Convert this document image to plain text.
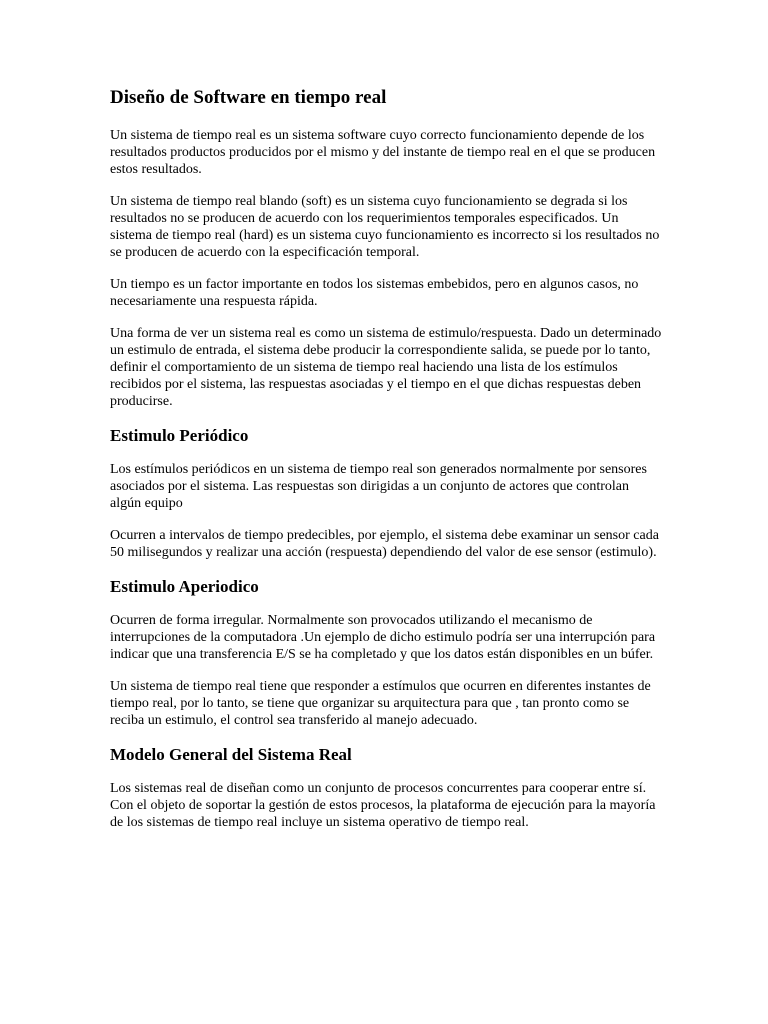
Diseño de Software en tiempo real

Un sistema de tiempo real es un sistema software cuyo correcto funcionamiento depende de los resultados productos producidos por el mismo y del instante de tiempo real en el que se producen estos resultados.

Un sistema de tiempo real blando (soft) es un sistema cuyo funcionamiento se degrada si los resultados no se producen de acuerdo con los requerimientos temporales especificados. Un sistema de tiempo real (hard) es un sistema cuyo funcionamiento es incorrecto si los resultados no se producen de acuerdo con la especificación temporal.

Un tiempo es un factor importante en todos los sistemas embebidos, pero en algunos casos, no necesariamente una respuesta rápida.

Una forma de ver un sistema real es como un sistema de estimulo/respuesta. Dado un determinado un estimulo de entrada, el sistema debe producir la correspondiente salida, se puede por lo tanto, definir el comportamiento de un sistema de tiempo real haciendo una lista de los estímulos recibidos por el sistema, las respuestas asociadas y el tiempo en el que dichas respuestas deben producirse.

Estimulo Periódico

Los estímulos periódicos en un sistema de tiempo real son generados normalmente por sensores asociados por el sistema. Las respuestas son dirigidas a un conjunto de actores que controlan algún equipo

Ocurren a intervalos de tiempo predecibles, por ejemplo, el sistema debe examinar un sensor cada 50 milisegundos y realizar una acción (respuesta) dependiendo del valor de ese sensor (estimulo).

Estimulo Aperiodico

Ocurren de forma irregular. Normalmente son provocados utilizando el mecanismo de interrupciones de la computadora .Un ejemplo de dicho estimulo podría ser una interrupción para indicar que una transferencia E/S se ha completado y que los datos están disponibles en un búfer.

Un sistema de tiempo real tiene que responder a estímulos que ocurren en diferentes instantes de tiempo real, por lo tanto, se tiene que organizar su arquitectura para que , tan pronto como se reciba un estimulo, el control sea transferido al manejo adecuado.

Modelo General del Sistema Real

Los sistemas real de diseñan como un conjunto de procesos concurrentes para cooperar entre sí. Con el objeto de soportar la gestión de estos procesos, la plataforma de ejecución para la mayoría de los sistemas de tiempo real incluye un sistema operativo de tiempo real.
